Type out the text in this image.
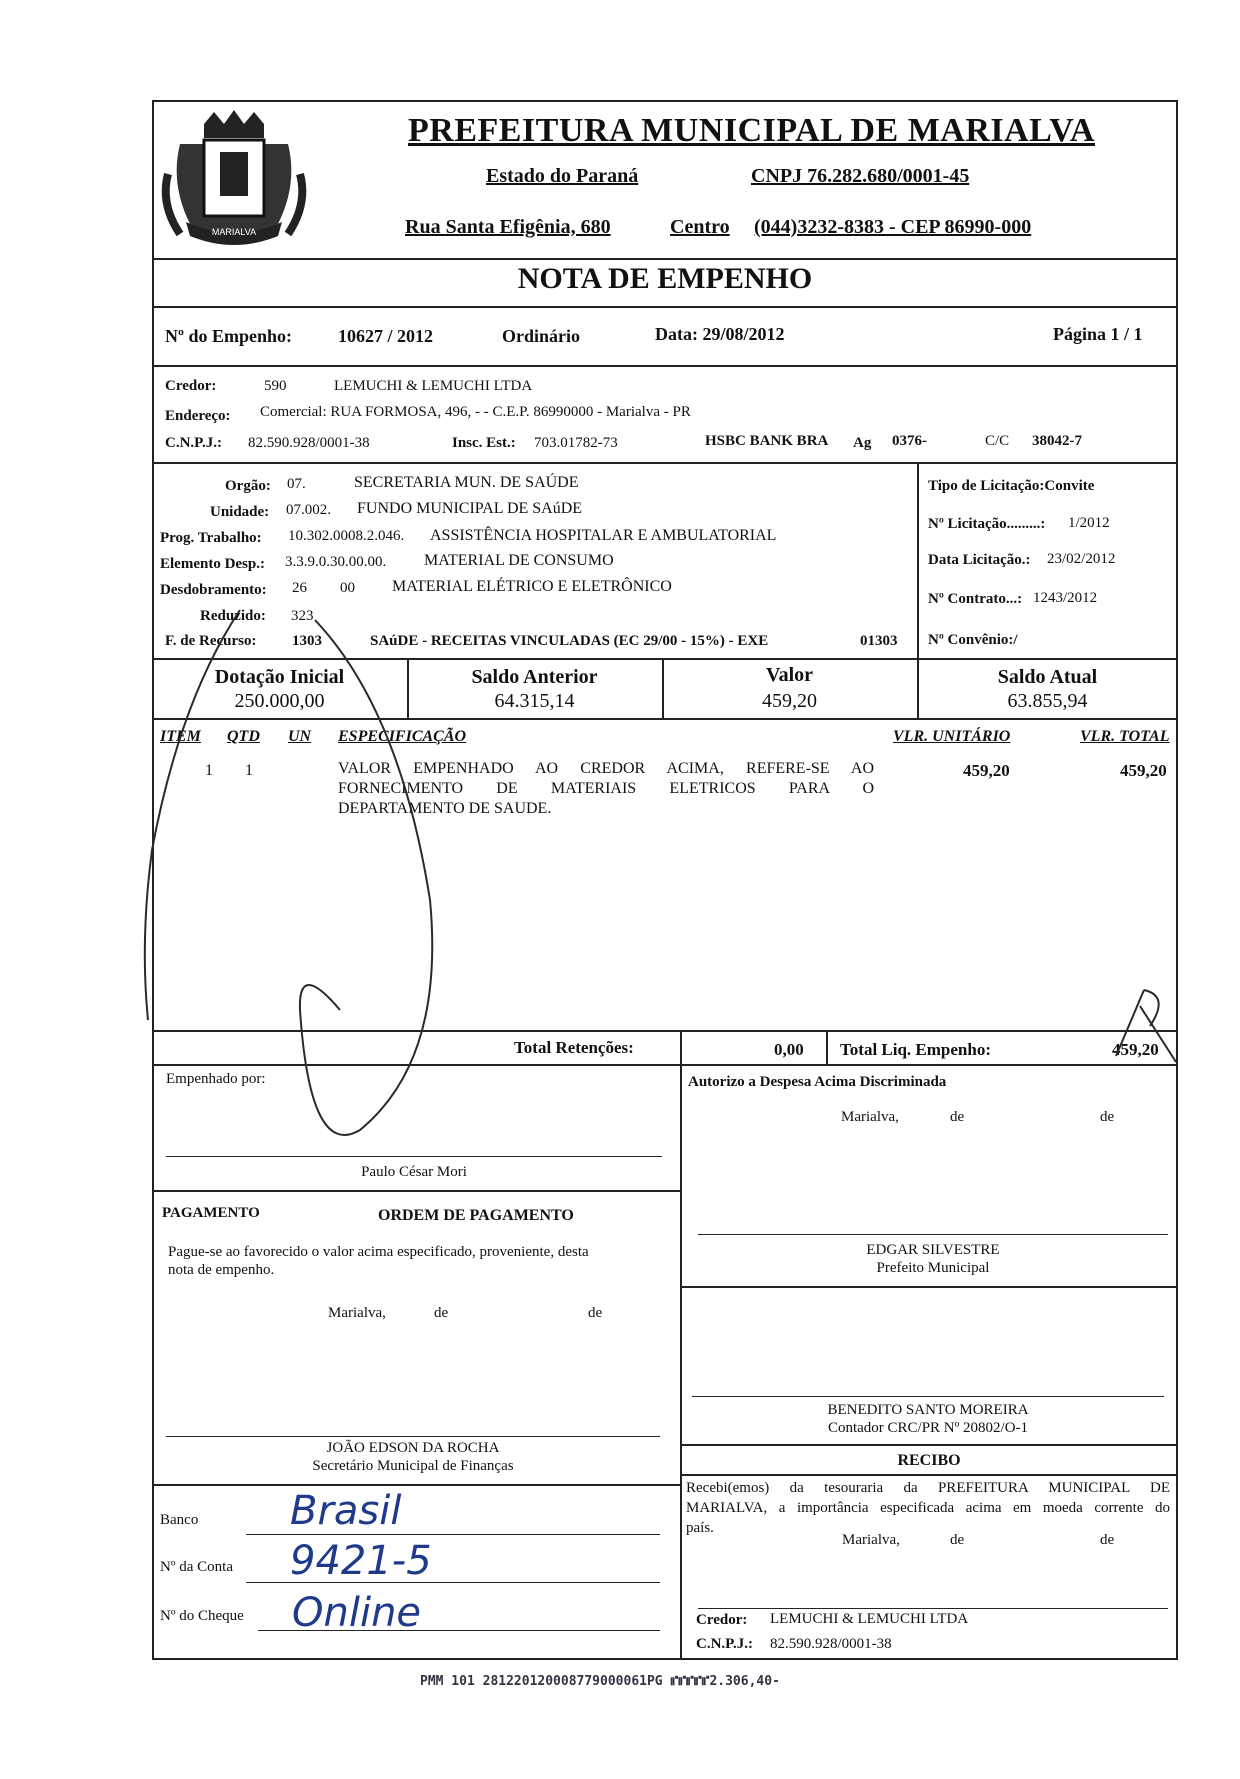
MARIALVA
PREFEITURA MUNICIPAL DE MARIALVA
Estado do Paraná	CNPJ 76.282.680/0001-45
Rua Santa Efigênia, 680	Centro (044)3232-8383 - CEP 86990-000
NOTA DE EMPENHO
Nº do Empenho:	10627 / 2012	Ordinário	Data: 29/08/2012	Página 1 / 1
Credor:	590	LEMUCHI & LEMUCHI LTDA
Endereço: Comercial: RUA FORMOSA, 496, - - C.E.P. 86990000 - Marialva - PR
C.N.P.J.: 82.590.928/0001-38	Insc. Est.: 703.01782-73	HSBC BANK BRA Ag 0376-	C/C 38042-7
Orgão: 07.	SECRETARIA MUN. DE SAÚDE
Unidade: 07.002. FUNDO MUNICIPAL DE SAúDE
Prog. Trabalho: 10.302.0008.2.046. ASSISTÊNCIA HOSPITALAR E AMBULATORIAL
Elemento Desp.: 3.3.9.0.30.00.00. MATERIAL DE CONSUMO
Desdobramento: 26 00 MATERIAL ELÉTRICO E ELETRÔNICO
Reduzido: 323
F. de Recurso: 1303	SAúDE - RECEITAS VINCULADAS (EC 29/00 - 15%) - EXE	01303
Tipo de Licitação:Convite
Nº Licitação.........: 1/2012
Data Licitação.: 23/02/2012
Nº Contrato...: 1243/2012
Nº Convênio:/
Dotação Inicial
250.000,00
Saldo Anterior
64.315,14
Valor
459,20
Saldo Atual
63.855,94
ITEM QTD UN ESPECIFICAÇÃO	VLR. UNITÁRIO	VLR. TOTAL
1 1	VALOR EMPENHADO AO CREDOR ACIMA, REFERE-SE AO
FORNECIMENTO DE MATERIAIS ELETRICOS PARA O
DEPARTAMENTO DE SAUDE.
459,20	459,20
Total Retenções:	0,00 Total Liq. Empenho:	459,20
Empenhado por:
Paulo César Mori
Autorizo a Despesa Acima Discriminada
Marialva,	de	de
EDGAR SILVESTRE
Prefeito Municipal
PAGAMENTO	ORDEM DE PAGAMENTO
Pague-se ao favorecido o valor acima especificado, proveniente, desta
nota de empenho.
Marialva,	de	de
JOÃO EDSON DA ROCHA
Secretário Municipal de Finanças
BENEDITO SANTO MOREIRA
Contador CRC/PR Nº 20802/O-1
RECIBO
Recebi(emos) da tesouraria da PREFEITURA MUNICIPAL DE
MARIALVA, a importância especificada acima em moeda corrente do
país.
Marialva,	de	de
Credor: LEMUCHI & LEMUCHI LTDA
C.N.P.J.: 82.590.928/0001-38
Banco Brasil
Nº da Conta 9421-5
Nº do Cheque Online
PMM 101 281220120008779000061PG ⑈⑈⑈⑈⑈2.306,40-
